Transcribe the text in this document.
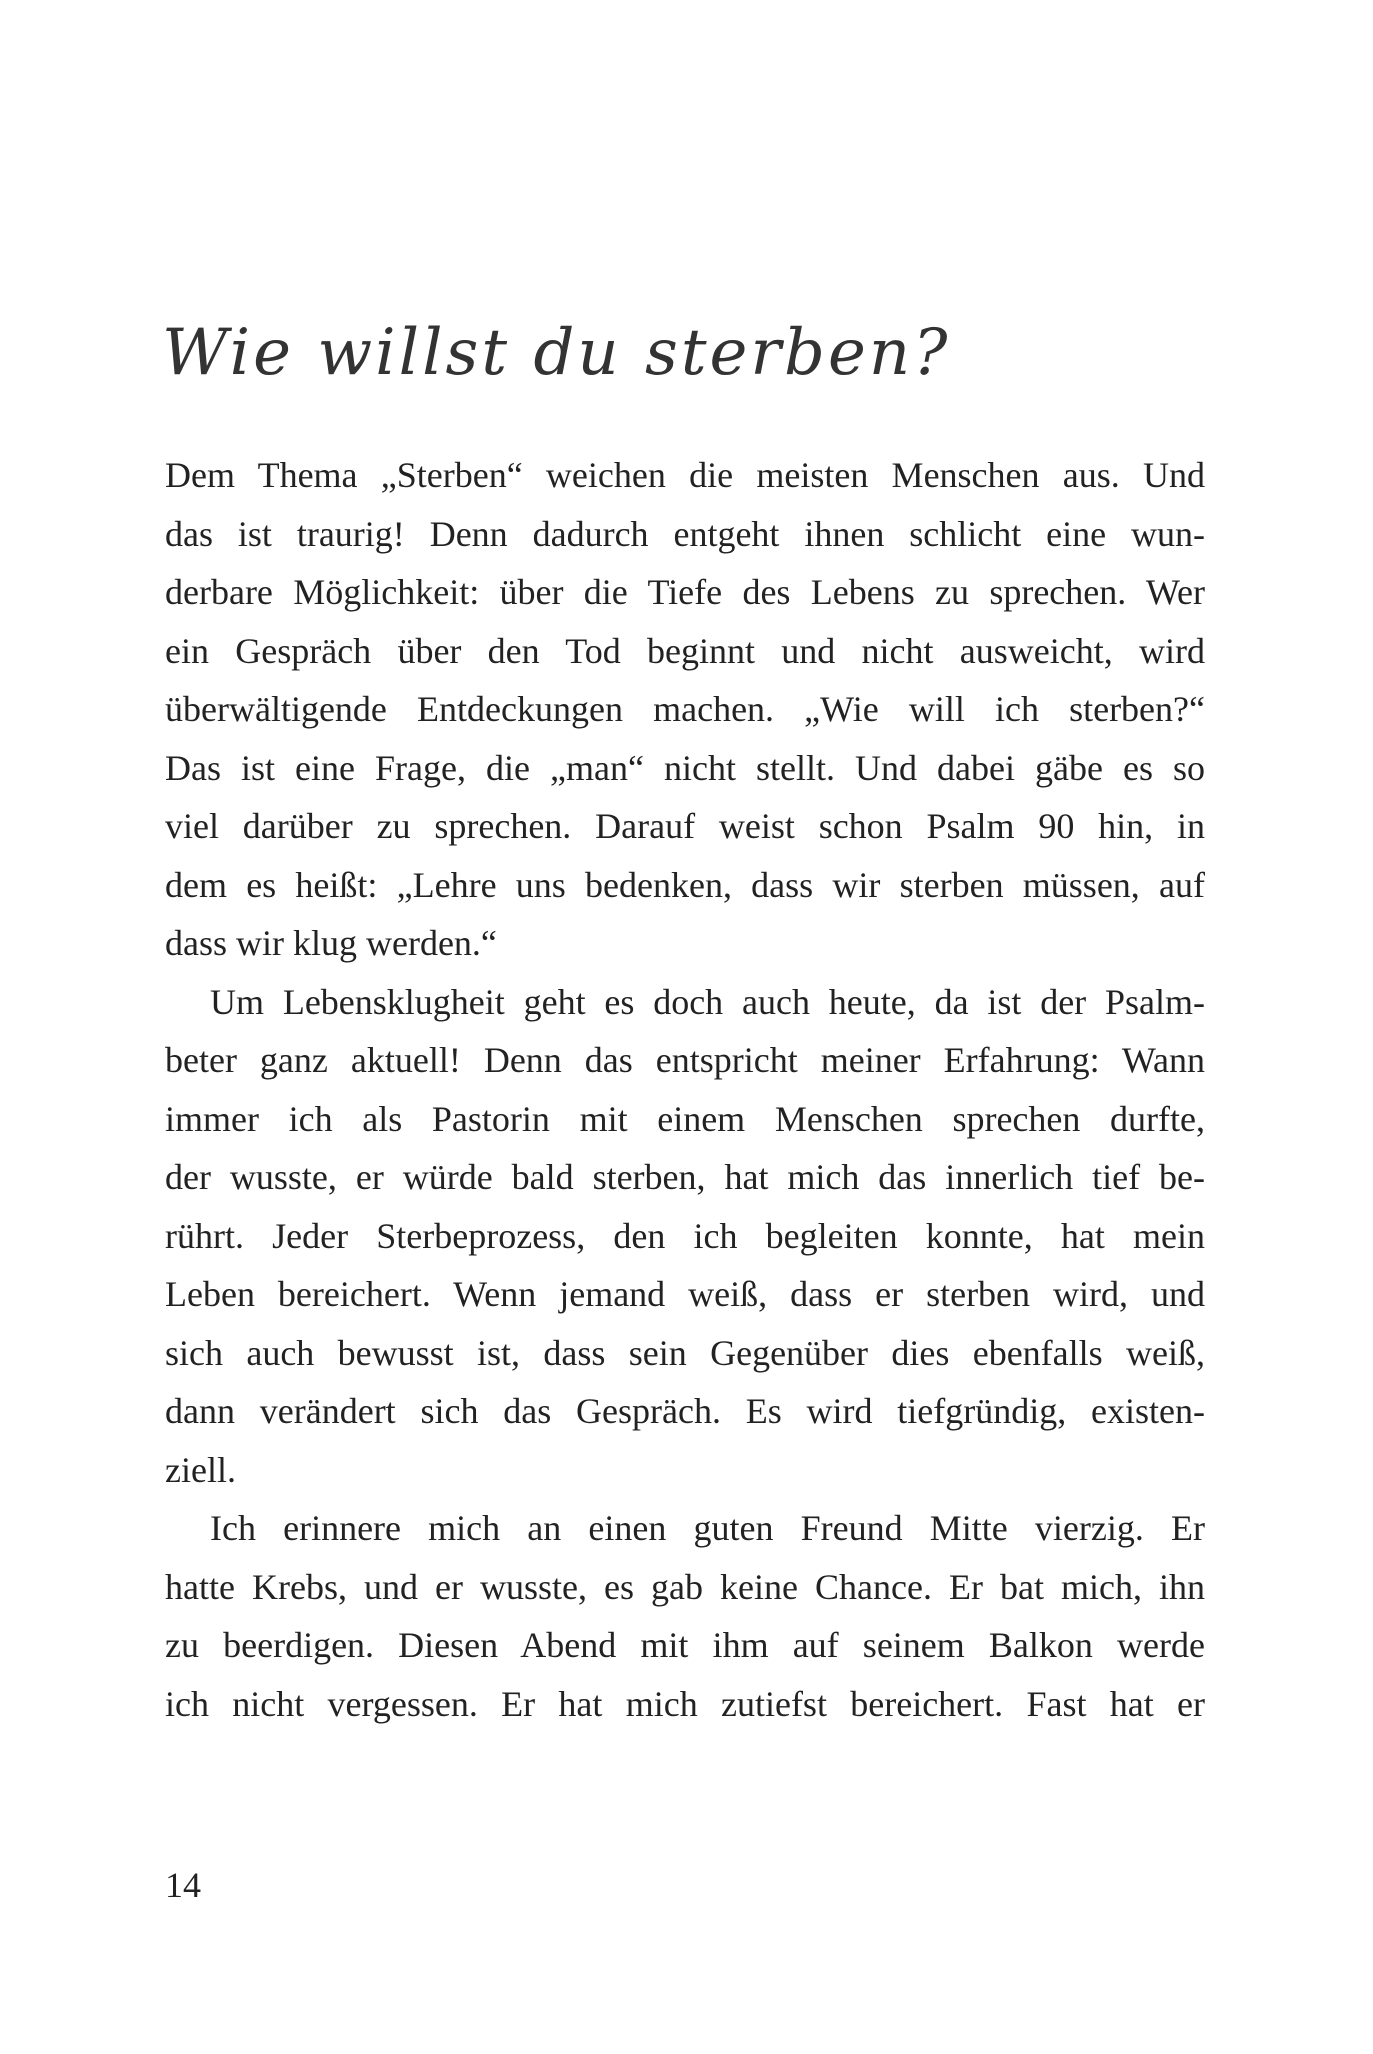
Wie willst du sterben?
Dem Thema „Sterben“ weichen die meisten Menschen aus. Und
das ist traurig! Denn dadurch entgeht ihnen schlicht eine wun-
derbare Möglichkeit: über die Tiefe des Lebens zu sprechen. Wer
ein Gespräch über den Tod beginnt und nicht ausweicht, wird
überwältigende Entdeckungen machen. „Wie will ich sterben?“
Das ist eine Frage, die „man“ nicht stellt. Und dabei gäbe es so
viel darüber zu sprechen. Darauf weist schon Psalm 90 hin, in
dem es heißt: „Lehre uns bedenken, dass wir sterben müssen, auf
dass wir klug werden.“
Um Lebensklugheit geht es doch auch heute, da ist der Psalm-
beter ganz aktuell! Denn das entspricht meiner Erfahrung: Wann
immer ich als Pastorin mit einem Menschen sprechen durfte,
der wusste, er würde bald sterben, hat mich das innerlich tief be-
rührt. Jeder Sterbeprozess, den ich begleiten konnte, hat mein
Leben bereichert. Wenn jemand weiß, dass er sterben wird, und
sich auch bewusst ist, dass sein Gegenüber dies ebenfalls weiß,
dann verändert sich das Gespräch. Es wird tiefgründig, existen-
ziell.
Ich erinnere mich an einen guten Freund Mitte vierzig. Er
hatte Krebs, und er wusste, es gab keine Chance. Er bat mich, ihn
zu beerdigen. Diesen Abend mit ihm auf seinem Balkon werde
ich nicht vergessen. Er hat mich zutiefst bereichert. Fast hat er
14
